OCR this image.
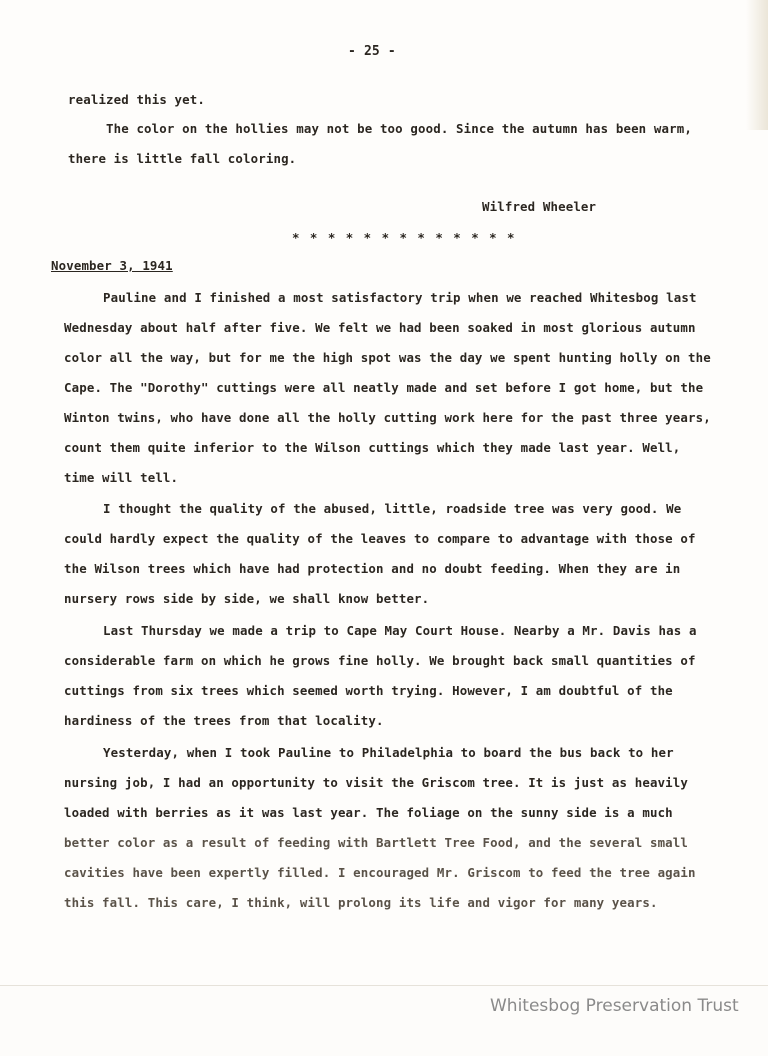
- 25 -
realized this yet.
The color on the hollies may not be too good. Since the autumn has been warm,
there is little fall coloring.
Wilfred Wheeler
* * * * * * * * * * * * *
November 3, 1941
Pauline and I finished a most satisfactory trip when we reached Whitesbog last
Wednesday about half after five. We felt we had been soaked in most glorious autumn
color all the way, but for me the high spot was the day we spent hunting holly on the
Cape. The "Dorothy" cuttings were all neatly made and set before I got home, but the
Winton twins, who have done all the holly cutting work here for the past three years,
count them quite inferior to the Wilson cuttings which they made last year. Well,
time will tell.
I thought the quality of the abused, little, roadside tree was very good. We
could hardly expect the quality of the leaves to compare to advantage with those of
the Wilson trees which have had protection and no doubt feeding. When they are in
nursery rows side by side, we shall know better.
Last Thursday we made a trip to Cape May Court House. Nearby a Mr. Davis has a
considerable farm on which he grows fine holly. We brought back small quantities of
cuttings from six trees which seemed worth trying. However, I am doubtful of the
hardiness of the trees from that locality.
Yesterday, when I took Pauline to Philadelphia to board the bus back to her
nursing job, I had an opportunity to visit the Griscom tree. It is just as heavily
loaded with berries as it was last year. The foliage on the sunny side is a much
better color as a result of feeding with Bartlett Tree Food, and the several small
cavities have been expertly filled. I encouraged Mr. Griscom to feed the tree again
this fall. This care, I think, will prolong its life and vigor for many years.
Whitesbog Preservation Trust
